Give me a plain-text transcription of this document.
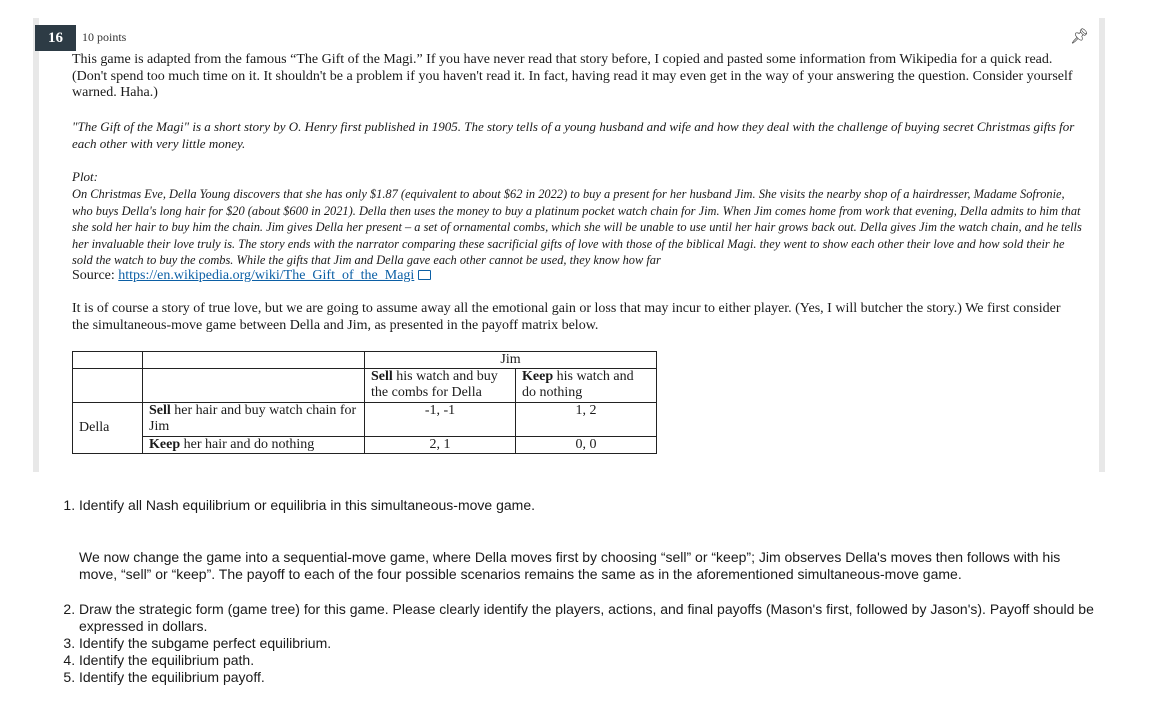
16	10 points	📌︎

This game is adapted from the famous “The Gift of the Magi.” If you have never read that story before, I copied and pasted some information from Wikipedia for a quick read. (Don't spend too much time on it. It shouldn't be a problem if you haven't read it. In fact, having read it may even get in the way of your answering the question. Consider yourself warned. Haha.)

"The Gift of the Magi" is a short story by O. Henry first published in 1905. The story tells of a young husband and wife and how they deal with the challenge of buying secret Christmas gifts for each other with very little money.

Plot:

On Christmas Eve, Della Young discovers that she has only $1.87 (equivalent to about $62 in 2022) to buy a present for her husband Jim. She visits the nearby shop of a hairdresser, Madame Sofronie, who buys Della's long hair for $20 (about $600 in 2021). Della then uses the money to buy a platinum pocket watch chain for Jim. When Jim comes home from work that evening, Della admits to him that she sold her hair to buy him the chain. Jim gives Della her present – a set of ornamental combs, which she will be unable to use until her hair grows back out. Della gives Jim the watch chain, and he tells her invaluable their love truly is. The story ends with the narrator comparing these sacrificial gifts of love with those of the biblical Magi. they went to show each other their love and how sold their he sold the watch to buy the combs. While the gifts that Jim and Della gave each other cannot be used, they know how far

Source: https://en.wikipedia.org/wiki/The_Gift_of_the_Magi

It is of course a story of true love, but we are going to assume away all the emotional gain or loss that may incur to either player. (Yes, I will butcher the story.) We first consider the simultaneous-move game between Della and Jim, as presented in the payoff matrix below.

		Jim	
		Sell his watch and buy the combs for Della	Keep his watch and do nothing
Della	Sell her hair and buy watch chain for Jim	-1, -1	1, 2
	Keep her hair and do nothing	2, 1	0, 0
1. Identify all Nash equilibrium or equilibria in this simultaneous-move game.

We now change the game into a sequential-move game, where Della moves first by choosing “sell” or “keep”; Jim observes Della's moves then follows with his move, “sell” or “keep”. The payoff to each of the four possible scenarios remains the same as in the aforementioned simultaneous-move game.

2. Draw the strategic form (game tree) for this game. Please clearly identify the players, actions, and final payoffs (Mason's first, followed by Jason's). Payoff should be expressed in dollars.
3. Identify the subgame perfect equilibrium.
4. Identify the equilibrium path.
5. Identify the equilibrium payoff.
